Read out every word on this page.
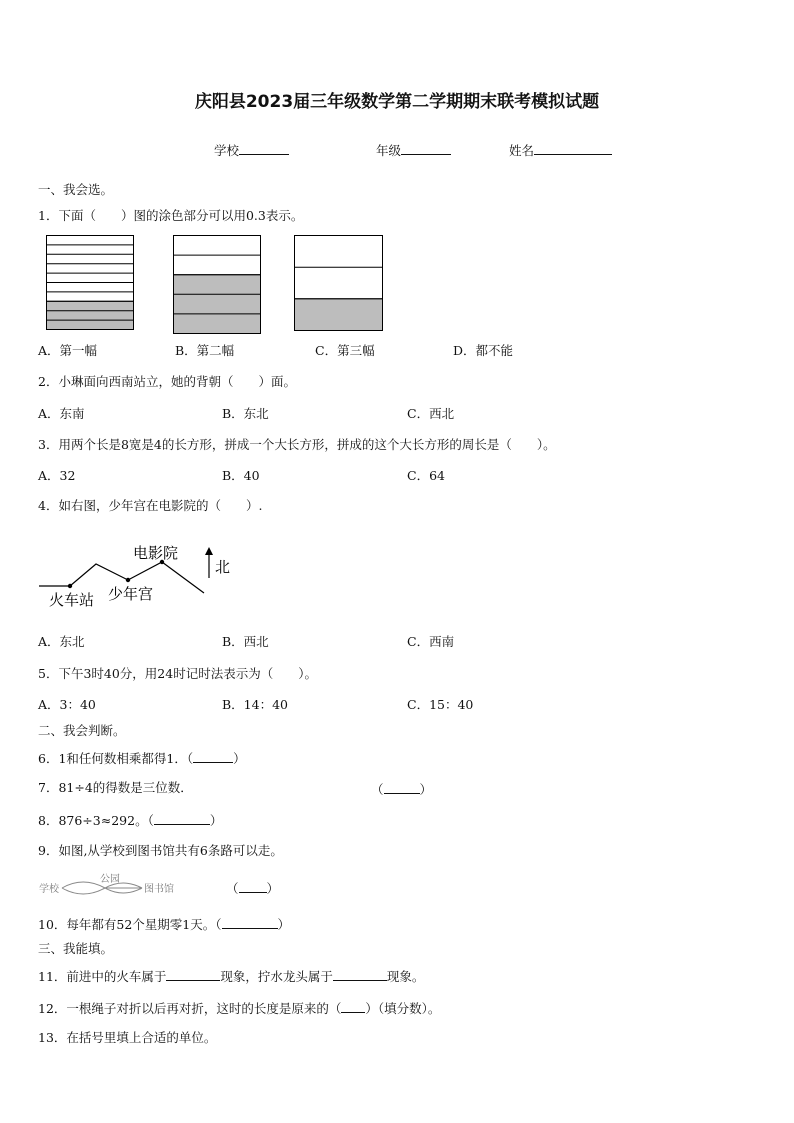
庆阳县2023届三年级数学第二学期期末联考模拟试题
学校	年级	姓名
一、我会选。
1．下面（　　）图的涂色部分可以用0.3表示。
A．第一幅	B．第二幅	C．第三幅	D．都不能
2．小琳面向西南站立，她的背朝（　　）面。
A．东南	B．东北	C．西北
3．用两个长是8宽是4的长方形，拼成一个大长方形，拼成的这个大长方形的周长是（　　）。
A．32	B．40	C．64
4．如右图，少年宫在电影院的（　　）.
电影院
火车站 少年宫
北
A．东北	B．西北	C．西南
5．下午3时40分，用24时记时法表示为（　　）。
A．3：40	B．14：40	C．15：40
二、我会判断。
6．1和任何数相乘都得1．（	）
7．81÷4的得数是三位数．	（	）
8．876÷3≈292。（	）
9．如图,从学校到图书馆共有6条路可以走。
学校
公园
图书馆	（ ）
10．每年都有52个星期零1天。（	）
三、我能填。
11．前进中的火车属于	现象，拧水龙头属于	现象。
12．一根绳子对折以后再对折，这时的长度是原来的（ ）（填分数）。
13．在括号里填上合适的单位。
